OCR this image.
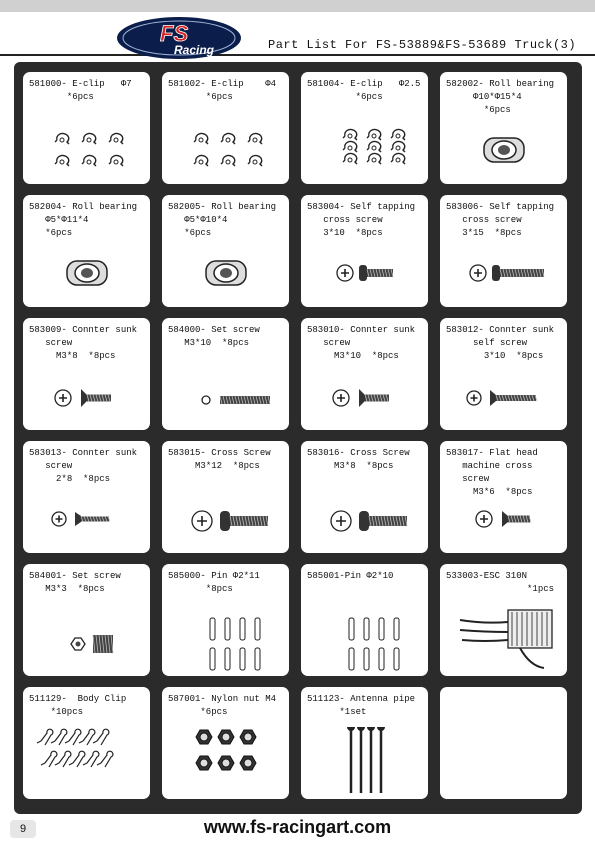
FS
Racing	Part List For FS-53889&FS-53689 Truck(3)
581000- E-clip   Φ7
*6pcs
581002- E-clip    Φ4
*6pcs
581004- E-clip   Φ2.5
*6pcs
582002- Roll bearing
Φ10*Φ15*4
*6pcs
582004- Roll bearing
Φ5*Φ11*4
*6pcs
582005- Roll bearing
Φ5*Φ10*4
*6pcs
583004- Self tapping
cross screw
3*10  *8pcs
583006- Self tapping
cross screw
3*15  *8pcs
583009- Connter sunk
screw
M3*8  *8pcs
584000- Set screw
M3*10  *8pcs
583010- Connter sunk
screw
M3*10  *8pcs
583012- Connter sunk
self screw
3*10  *8pcs
583013- Connter sunk
screw
2*8  *8pcs
583015- Cross Screw
M3*12  *8pcs
583016- Cross Screw
M3*8  *8pcs
583017- Flat head
machine cross
screw
M3*6  *8pcs
584001- Set screw
M3*3  *8pcs
585000- Pin Φ2*11
*8pcs
585001-Pin Φ2*10	533003-ESC 310N
*1pcs
511129-  Body Clip
*10pcs
587001- Nylon nut M4
*6pcs
511123- Antenna pipe
*1set
9	www.fs-racingart.com
